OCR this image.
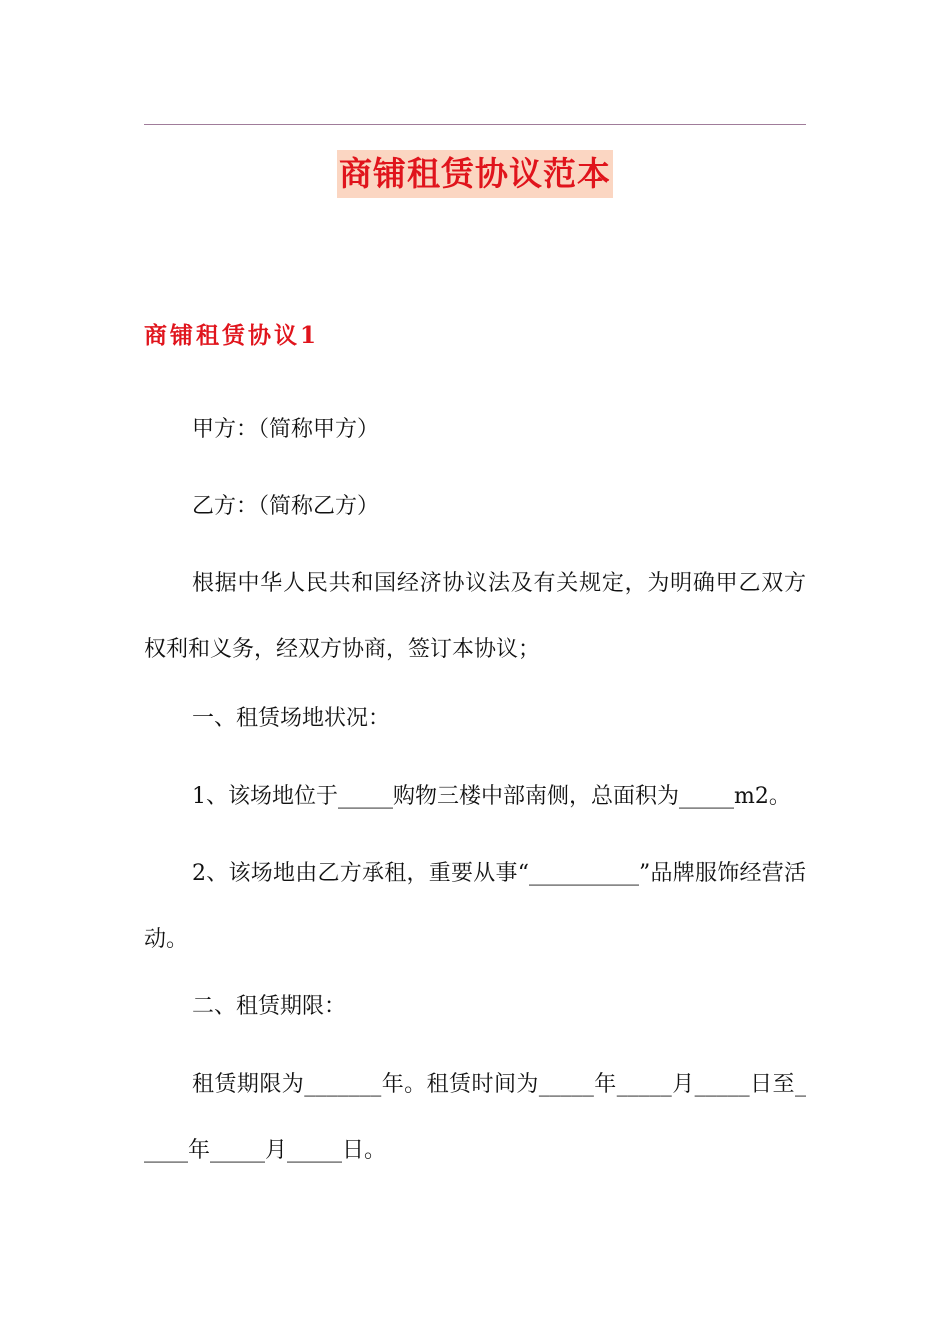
商铺租赁协议范本
商铺租赁协议1
甲方：（简称甲方）
乙方：（简称乙方）
根据中华人民共和国经济协议法及有关规定，为明确甲乙双方权利和义务，经双方协商，签订本协议；
一、租赁场地状况：
1、该场地位于_____购物三楼中部南侧，总面积为_____m2。
2、该场地由乙方承租，重要从事“__________”品牌服饰经营活动。
二、租赁期限：
租赁期限为_______年。租赁时间为_____年_____月_____日至_____年_____月_____日。
